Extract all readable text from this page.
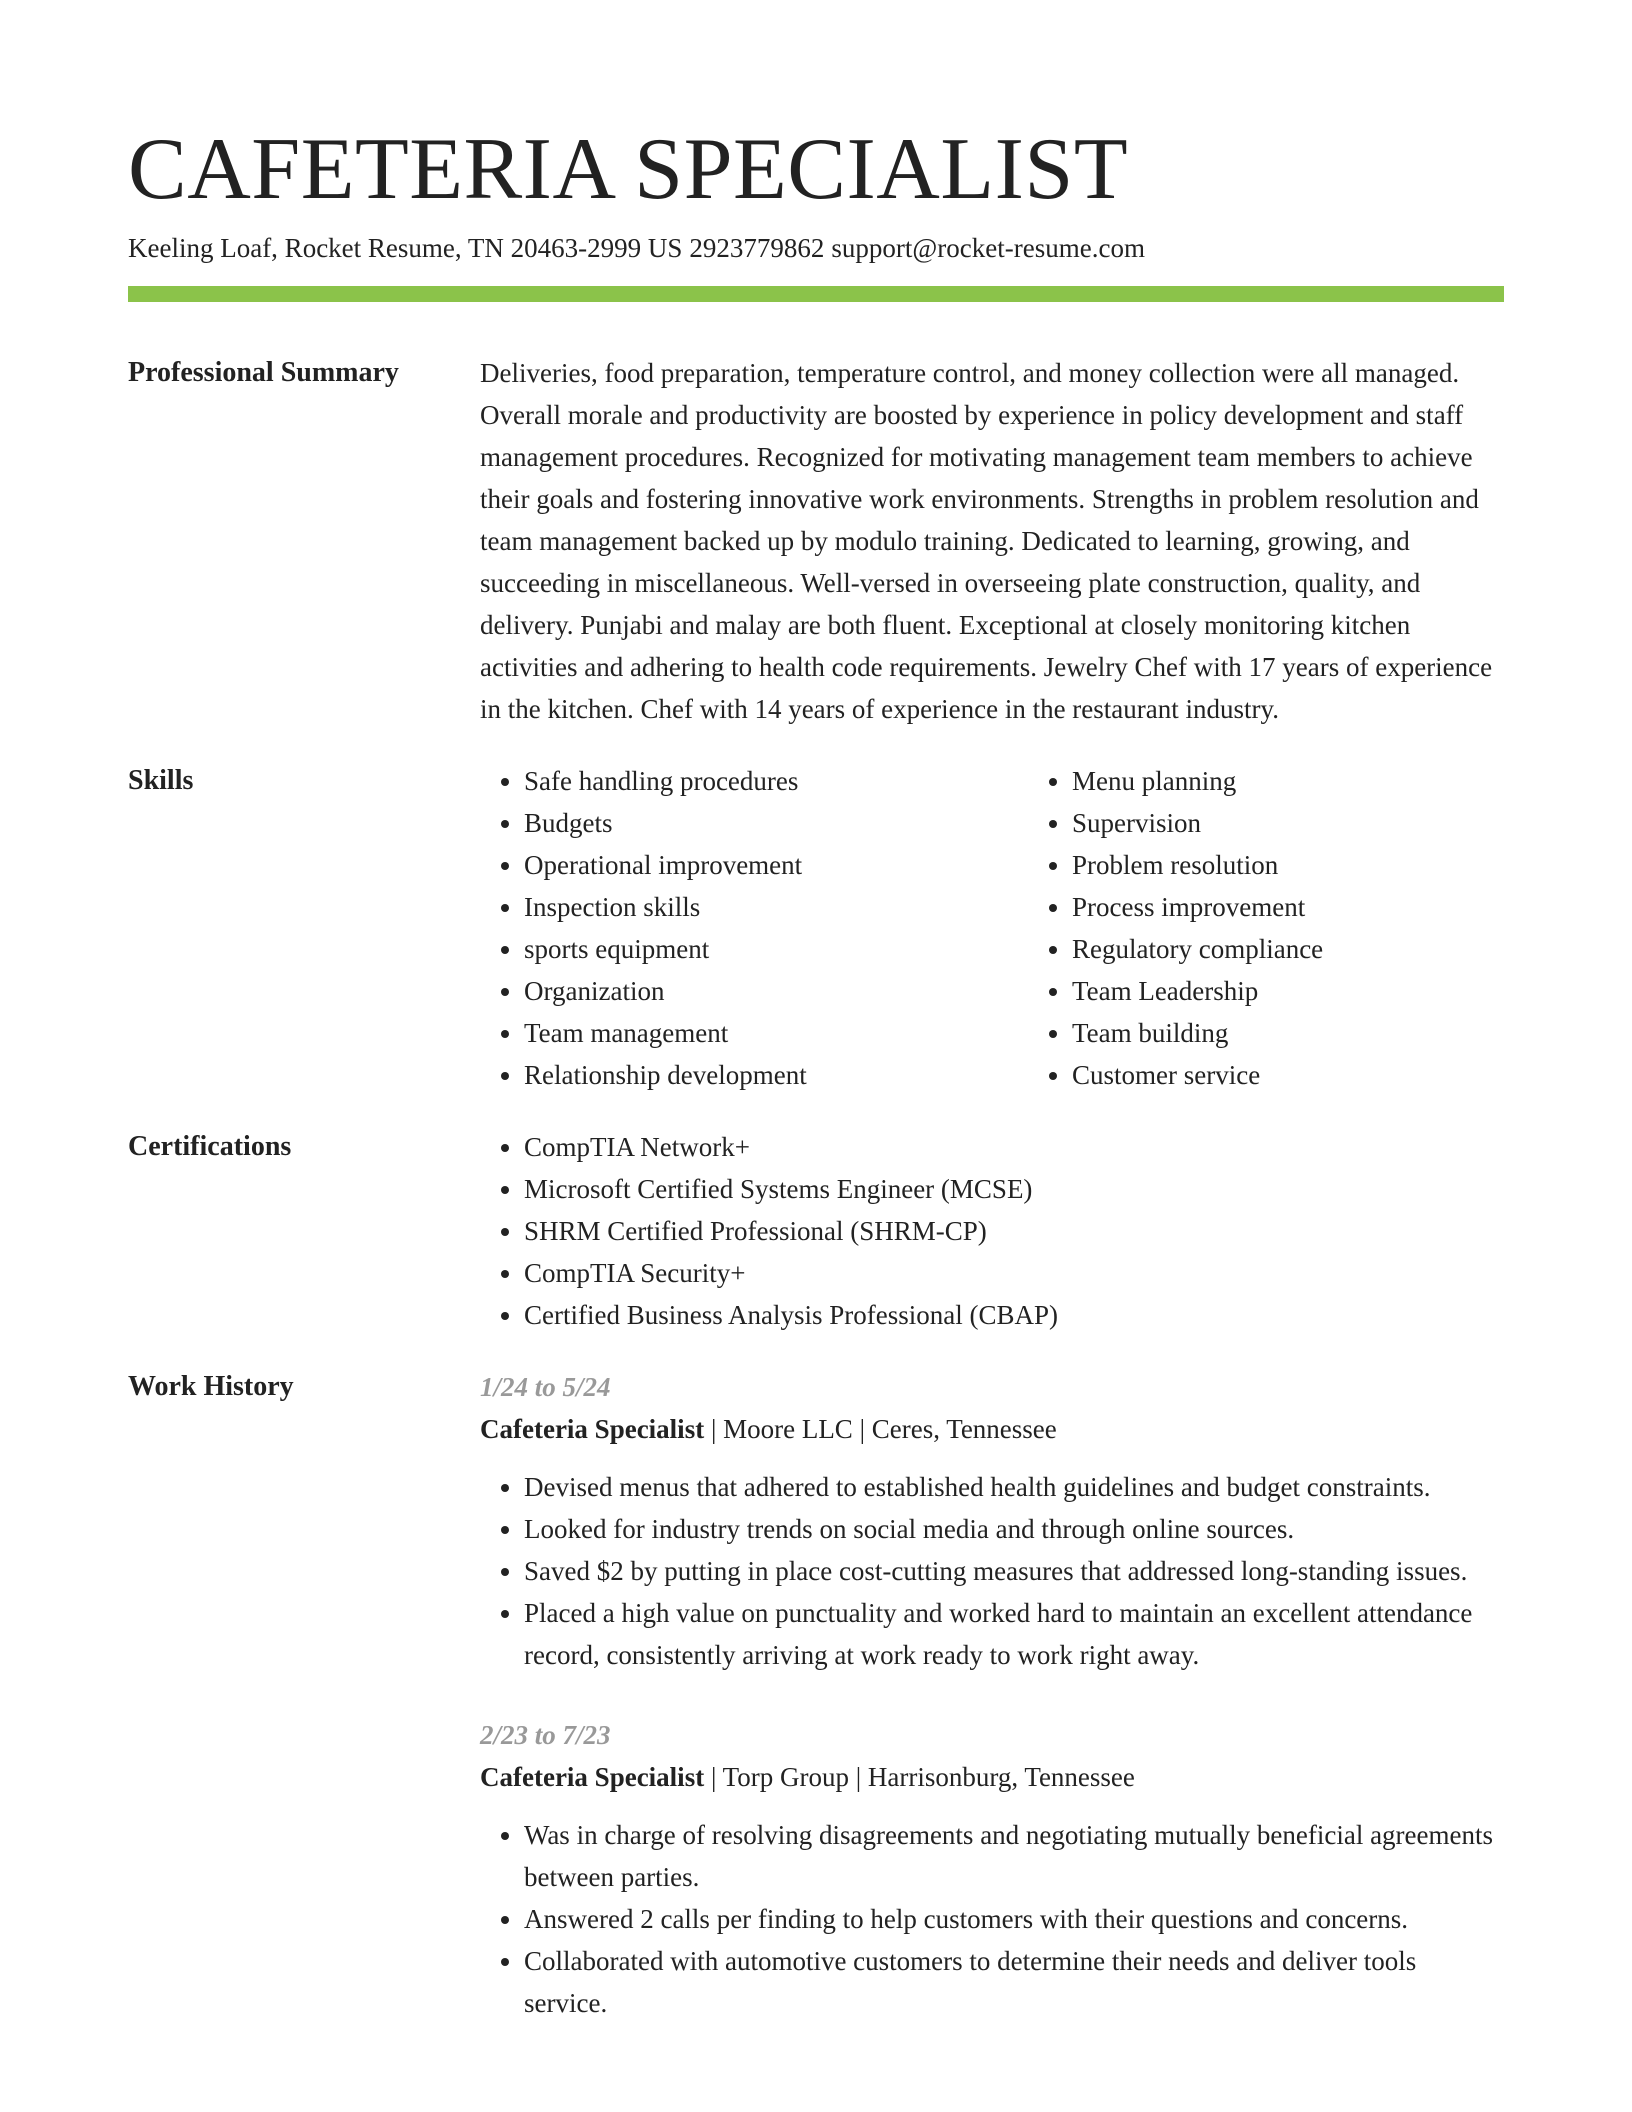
CAFETERIA SPECIALIST
Keeling Loaf, Rocket Resume, TN 20463-2999 US 2923779862 support@rocket-resume.com
Professional Summary	Deliveries, food preparation, temperature control, and money collection were all managed. Overall morale and productivity are boosted by experience in policy development and staff management procedures. Recognized for motivating management team members to achieve their goals and fostering innovative work environments. Strengths in problem resolution and team management backed up by modulo training. Dedicated to learning, growing, and succeeding in miscellaneous. Well-versed in overseeing plate construction, quality, and delivery. Punjabi and malay are both fluent. Exceptional at closely monitoring kitchen activities and adhering to health code requirements. Jewelry Chef with 17 years of experience in the kitchen. Chef with 14 years of experience in the restaurant industry.

Skills	• Safe handling procedures
• Budgets
• Operational improvement
• Inspection skills
• sports equipment
• Organization
• Team management
• Relationship development
• Menu planning
• Supervision
• Problem resolution
• Process improvement
• Regulatory compliance
• Team Leadership
• Team building
• Customer service
Certifications	• CompTIA Network+
• Microsoft Certified Systems Engineer (MCSE)
• SHRM Certified Professional (SHRM-CP)
• CompTIA Security+
• Certified Business Analysis Professional (CBAP)
Work History	1/24 to 5/24
Cafeteria Specialist | Moore LLC | Ceres, Tennessee
• Devised menus that adhered to established health guidelines and budget constraints.
• Looked for industry trends on social media and through online sources.
• Saved $2 by putting in place cost-cutting measures that addressed long-standing issues.
• Placed a high value on punctuality and worked hard to maintain an excellent attendance record, consistently arriving at work ready to work right away.
2/23 to 7/23
Cafeteria Specialist | Torp Group | Harrisonburg, Tennessee
• Was in charge of resolving disagreements and negotiating mutually beneficial agreements between parties.
• Answered 2 calls per finding to help customers with their questions and concerns.
• Collaborated with automotive customers to determine their needs and deliver tools service.
